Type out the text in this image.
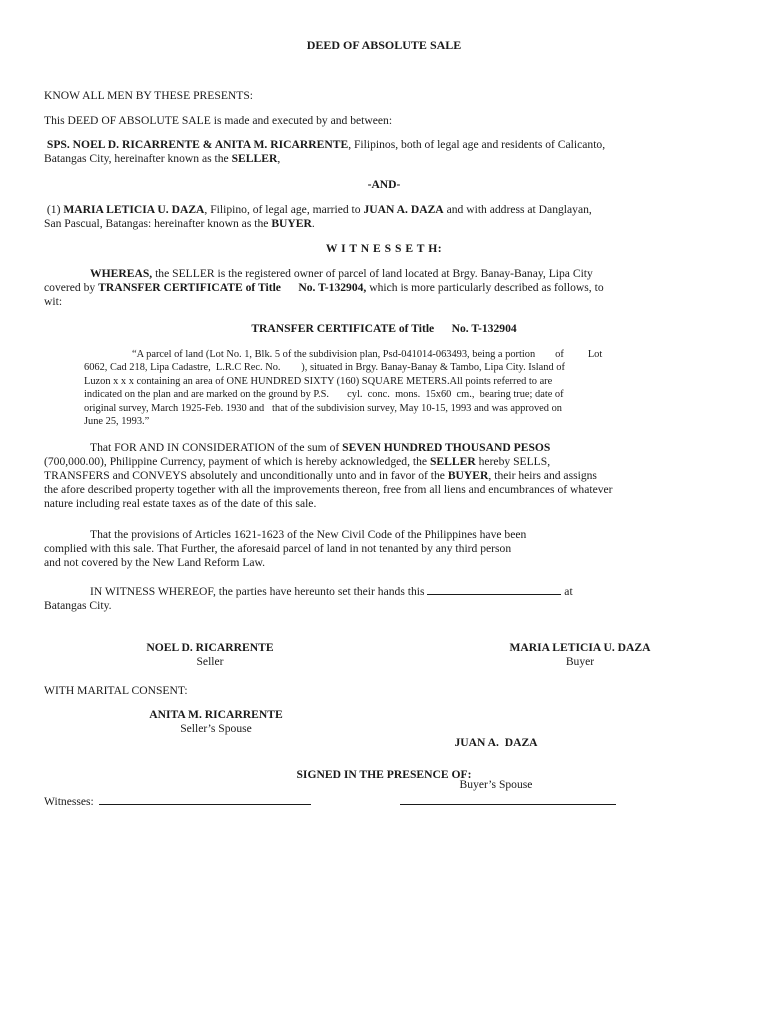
DEED OF ABSOLUTE SALE
KNOW ALL MEN BY THESE PRESENTS:
This DEED OF ABSOLUTE SALE is made and executed by and between:
SPS. NOEL D. RICARRENTE & ANITA M. RICARRENTE, Filipinos, both of legal age and residents of Calicanto,
Batangas City, hereinafter known as the SELLER,
-AND-
(1) MARIA LETICIA U. DAZA, Filipino, of legal age, married to JUAN A. DAZA and with address at Danglayan,
San Pascual, Batangas: hereinafter known as the BUYER.
W I T N E S S E T H:
WHEREAS, the SELLER is the registered owner of parcel of land located at Brgy. Banay-Banay, Lipa City
covered by TRANSFER CERTIFICATE of Title No. T-132904, which is more particularly described as follows, to
wit:
TRANSFER CERTIFICATE of Title No. T-132904
“A parcel of land (Lot No. 1, Blk. 5 of the subdivision plan, Psd-041014-063493, being a portion of Lot
6062, Cad 218, Lipa Cadastre,  L.R.C Rec. No.        ), situated in Brgy. Banay-Banay & Tambo, Lipa City. Island of
Luzon x x x containing an area of ONE HUNDRED SIXTY (160) SQUARE METERS.All points referred to are
indicated on the plan and are marked on the ground by P.S.       cyl.  conc.  mons.  15x60  cm.,  bearing true; date of
original survey, March 1925-Feb. 1930 and   that of the subdivision survey, May 10-15, 1993 and was approved on
June 25, 1993.”
That FOR AND IN CONSIDERATION of the sum of SEVEN HUNDRED THOUSAND PESOS
(700,000.00), Philippine Currency, payment of which is hereby acknowledged, the SELLER hereby SELLS,
TRANSFERS and CONVEYS absolutely and unconditionally unto and in favor of the BUYER, their heirs and assigns
the afore described property together with all the improvements thereon, free from all liens and encumbrances of whatever
nature including real estate taxes as of the date of this sale.
That the provisions of Articles 1621-1623 of the New Civil Code of the Philippines have been
complied with this sale. That Further, the aforesaid parcel of land in not tenanted by any third person
and not covered by the New Land Reform Law.
IN WITNESS WHEREOF, the parties have hereunto set their hands this	at
Batangas City.
NOEL D. RICARRENTE
Seller
MARIA LETICIA U. DAZA
Buyer
WITH MARITAL CONSENT:
ANITA M. RICARRENTE
Seller’s Spouse

JUAN A.  DAZA

Buyer’s Spouse

SIGNED IN THE PRESENCE OF:
Witnesses:
